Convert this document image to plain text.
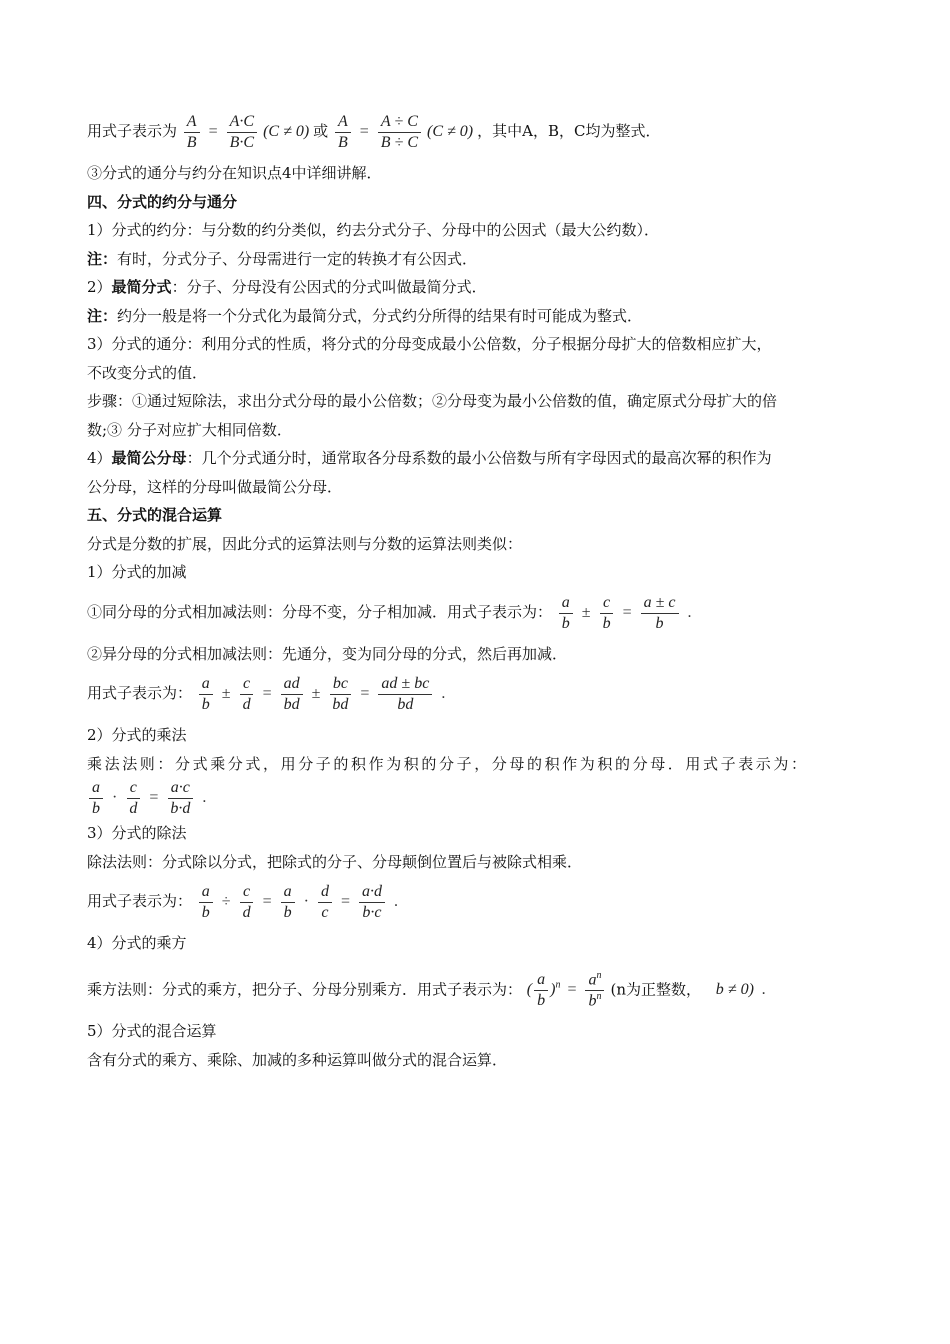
用式子表示为 $\frac{A}{B} = \frac{A\cdot C}{B\cdot C} (C \ne 0)$ 或 $\frac{A}{B} = \frac{A \div C}{B \div C} (C \ne 0)$ ，其中A，B，C均为整式．

③分式的通分与约分在知识点4中详细讲解．

四、分式的约分与通分

1）分式的约分：与分数的约分类似，约去分式分子、分母中的公因式（最大公约数）．

注：有时，分式分子、分母需进行一定的转换才有公因式．

2）最简分式：分子、分母没有公因式的分式叫做最简分式．

注：约分一般是将一个分式化为最简分式，分式约分所得的结果有时可能成为整式．

3）分式的通分：利用分式的性质，将分式的分母变成最小公倍数，分子根据分母扩大的倍数相应扩大，

不改变分式的值．

步骤：①通过短除法，求出分式分母的最小公倍数；②分母变为最小公倍数的值，确定原式分母扩大的倍

数;③ 分子对应扩大相同倍数．

4）最简公分母：几个分式通分时，通常取各分母系数的最小公倍数与所有字母因式的最高次幂的积作为

公分母，这样的分母叫做最简公分母．

五、分式的混合运算

分式是分数的扩展，因此分式的运算法则与分数的运算法则类似：

1）分式的加减

①同分母的分式相加减法则：分母不变，分子相加减．用式子表示为： $\frac{a}{b} \pm \frac{c}{b} = \frac{a \pm c}{b}$ .

②异分母的分式相加减法则：先通分，变为同分母的分式，然后再加减．

用式子表示为： $\frac{a}{b} \pm \frac{c}{d} = \frac{ad}{bd} \pm \frac{bc}{bd} = \frac{ad \pm bc}{bd}$ .

2）分式的乘法

乘法法则：分式乘分式，用分子的积作为积的分子，分母的积作为积的分母．用式子表示为：

$\frac{a}{b} \cdot \frac{c}{d} = \frac{a\cdot c}{b\cdot d}$ .

3）分式的除法

除法法则：分式除以分式，把除式的分子、分母颠倒位置后与被除式相乘．

用式子表示为： $\frac{a}{b} \div \frac{c}{d} = \frac{a}{b} \cdot \frac{d}{c} = \frac{a\cdot d}{b\cdot c}$ .

4）分式的乘方

乘方法则：分式的乘方，把分子、分母分别乘方．用式子表示为： ( $\frac{a}{b} )^n = \frac{a^n}{b^n} (n$为正整数， b ≠ 0) .

5）分式的混合运算

含有分式的乘方、乘除、加减的多种运算叫做分式的混合运算．
